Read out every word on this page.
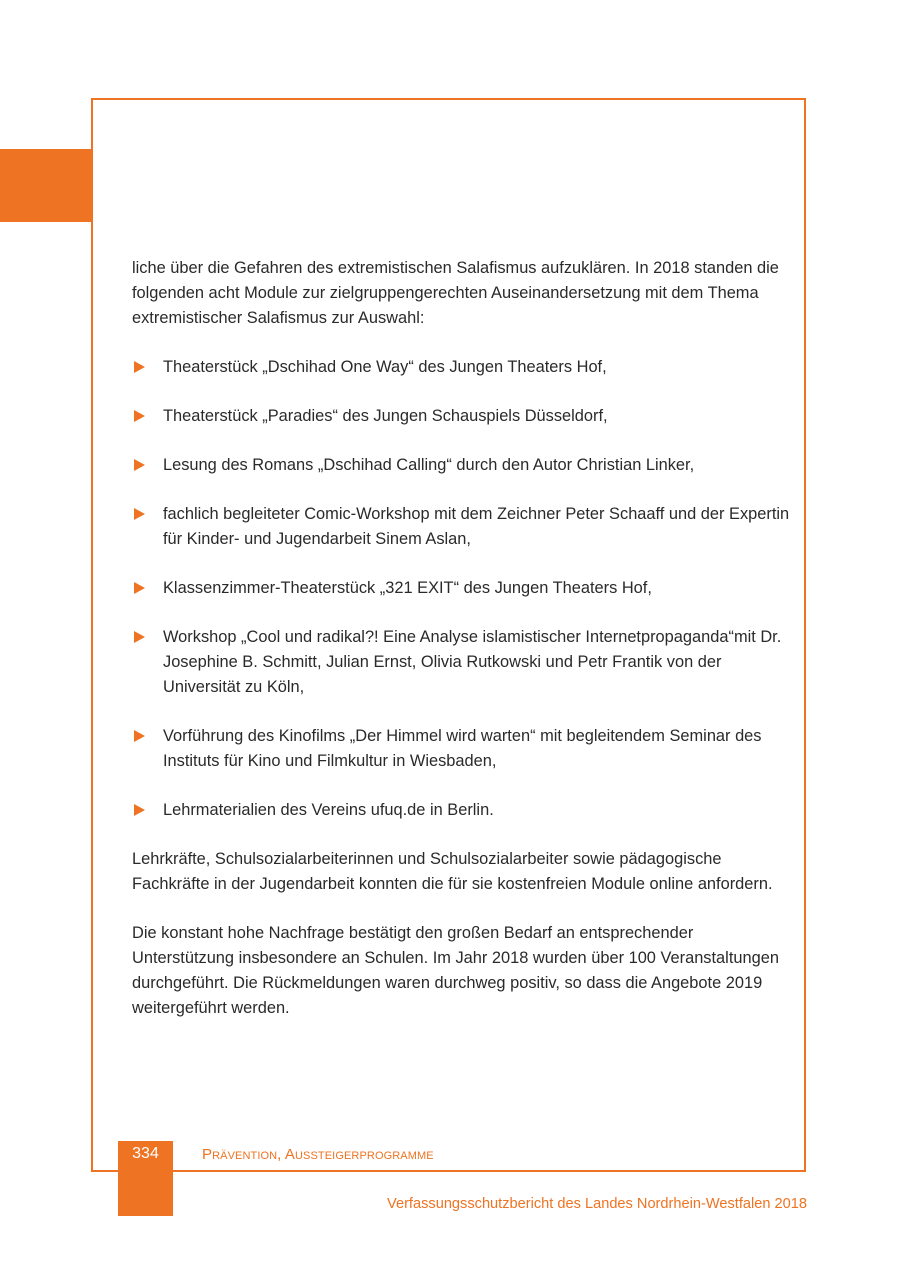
liche über die Gefahren des extremistischen Salafismus aufzuklären. In 2018 standen die folgenden acht Module zur zielgruppengerechten Auseinandersetzung mit dem Thema extremistischer Salafismus zur Auswahl:

Theaterstück „Dschihad One Way“ des Jungen Theaters Hof,
Theaterstück „Paradies“ des Jungen Schauspiels Düsseldorf,
Lesung des Romans „Dschihad Calling“ durch den Autor Christian Linker,
fachlich begleiteter Comic-Workshop mit dem Zeichner Peter Schaaff und der Expertin für Kinder- und Jugendarbeit Sinem Aslan,
Klassenzimmer-Theaterstück „321 EXIT“ des Jungen Theaters Hof,
Workshop „Cool und radikal?! Eine Analyse islamistischer Internetpropaganda“mit Dr. Josephine B. Schmitt, Julian Ernst, Olivia Rutkowski und Petr Frantik von der Universität zu Köln,
Vorführung des Kinofilms „Der Himmel wird warten“ mit begleitendem Seminar des Instituts für Kino und Filmkultur in Wiesbaden,
Lehrmaterialien des Vereins ufuq.de in Berlin.

Lehrkräfte, Schulsozialarbeiterinnen und Schulsozialarbeiter sowie pädagogische Fachkräfte in der Jugendarbeit konnten die für sie kostenfreien Module online anfordern.

Die konstant hohe Nachfrage bestätigt den großen Bedarf an entsprechender Unterstützung insbesondere an Schulen. Im Jahr 2018 wurden über 100 Veranstaltungen durchgeführt. Die Rückmeldungen waren durchweg positiv, so dass die Angebote 2019 weitergeführt werden.

334	Prävention, Aussteigerprogramme
Verfassungsschutzbericht des Landes Nordrhein-Westfalen 2018
